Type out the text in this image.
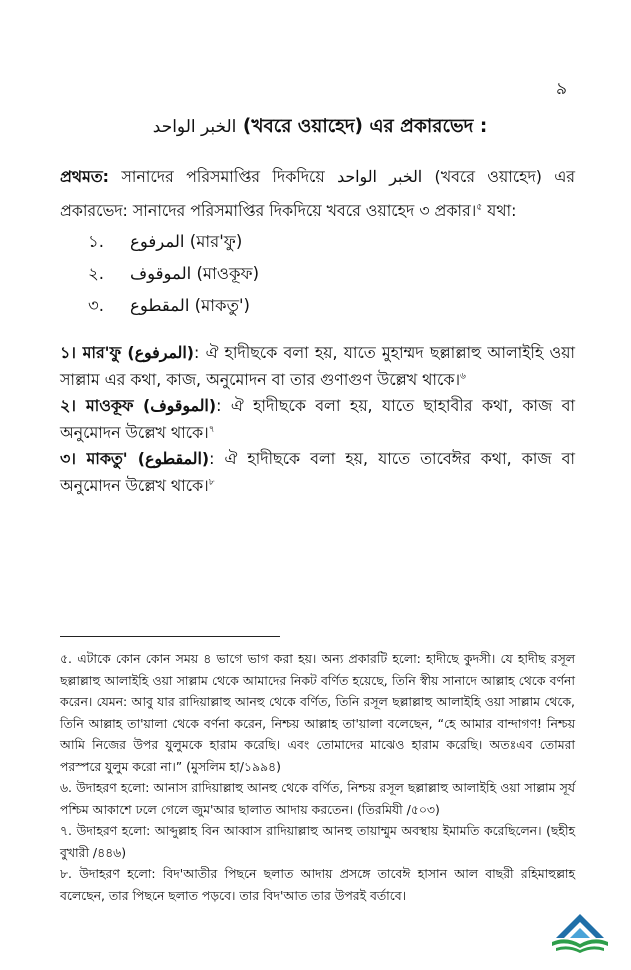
৯
الخبر الواحد (খবরে ওয়াহেদ) এর প্রকারভেদ :
প্রথমত: সানাদের পরিসমাপ্তির দিকদিয়ে الخبر الواحد (খবরে ওয়াহেদ) এর প্রকারভেদ: সানাদের পরিসমাপ্তির দিকদিয়ে খবরে ওয়াহেদ ৩ প্রকার।$^৫$ যথা:
১. المرفوع (মার'ফু)
২. الموقوف (মাওকূফ)
৩. المقطوع (মাকতু')

১। মার'ফু (المرفوع): ঐ হাদীছকে বলা হয়, যাতে মুহাম্মদ ছল্লাল্লাহু আলাইহি ওয়া সাল্লাম এর কথা, কাজ, অনুমোদন বা তার গুণাগুণ উল্লেখ থাকে।$^৬$

২। মাওকূফ (الموقوف): ঐ হাদীছকে বলা হয়, যাতে ছাহাবীর কথা, কাজ বা অনুমোদন উল্লেখ থাকে।$^৭$

৩। মাকতু' (المقطوع): ঐ হাদীছকে বলা হয়, যাতে তাবেঈর কথা, কাজ বা অনুমোদন উল্লেখ থাকে।$^৮$

৫. এটাকে কোন কোন সময় ৪ ভাগে ভাগ করা হয়। অন্য প্রকারটি হলো: হাদীছে কুদসী। যে হাদীছ রসূল ছল্লাল্লাহু আলাইহি ওয়া সাল্লাম থেকে আমাদের নিকট বর্ণিত হয়েছে, তিনি স্বীয় সানাদে আল্লাহ থেকে বর্ণনা করেন। যেমন: আবু যার রাদিয়াল্লাহু আনহু থেকে বর্ণিত, তিনি রসূল ছল্লাল্লাহু আলাইহি ওয়া সাল্লাম থেকে, তিনি আল্লাহ তা'য়ালা থেকে বর্ণনা করেন, নিশ্চয় আল্লাহ তা'য়ালা বলেছেন, “হে আমার বান্দাগণ! নিশ্চয় আমি নিজের উপর যুলুমকে হারাম করেছি। এবং তোমাদের মাঝেও হারাম করেছি। অতঃএব তোমরা পরস্পরে যুলুম করো না।” (মুসলিম হা/১৯৯৪)

৬. উদাহরণ হলো: আনাস রাদিয়াল্লাহু আনহু থেকে বর্ণিত, নিশ্চয় রসূল ছল্লাল্লাহু আলাইহি ওয়া সাল্লাম সূর্য পশ্চিম আকাশে ঢলে গেলে জুম'আর ছালাত আদায় করতেন। (তিরমিযী /৫০৩)

৭. উদাহরণ হলো: আব্দুল্লাহ বিন আব্বাস রাদিয়াল্লাহু আনহু তায়াম্মুম অবস্থায় ইমামতি করেছিলেন। (ছহীহ বুখারী /৪৪৬)

৮. উদাহরণ হলো: বিদ'আতীর পিছনে ছলাত আদায় প্রসঙ্গে তাবেঈ হাসান আল বাছরী রহিমাহুল্লাহ বলেছেন, তার পিছনে ছলাত পড়বে। তার বিদ'আত তার উপরই বর্তাবে।
